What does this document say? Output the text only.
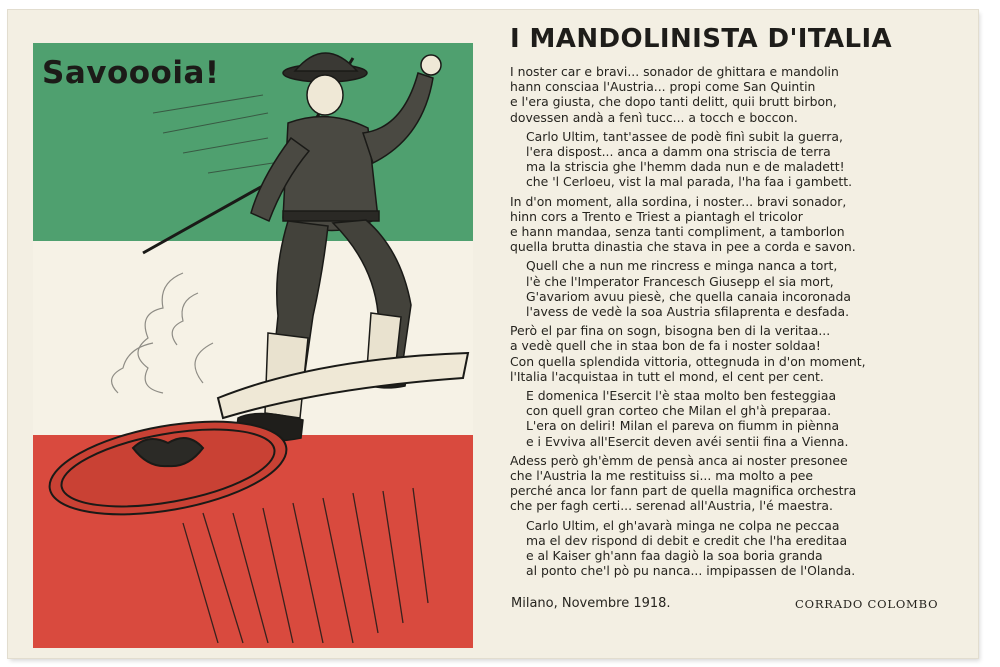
Savoooia!
I MANDOLINISTA D'ITALIA
I noster car e bravi... sonador de ghittara e mandolin
hann consciaa l'Austria... propi come San Quintin
e l'era giusta, che dopo tanti delitt, quii brutt birbon,
dovessen andà a fenì tucc... a tocch e boccon.
Carlo Ultim, tant'assee de podè finì subit la guerra,
l'era dispost... anca a damm ona striscia de terra
ma la striscia ghe l'hemm dada nun e de maladett!
che 'l Cerloeu, vist la mal parada, l'ha faa i gambett.
In d'on moment, alla sordina, i noster... bravi sonador,
hinn cors a Trento e Triest a piantagh el tricolor
e hann mandaa, senza tanti compliment, a tamborlon
quella brutta dinastia che stava in pee a corda e savon.
Quell che a nun me rincress e minga nanca a tort,
l'è che l'Imperator Francesch Giusepp el sia mort,
G'avariom avuu piesè, che quella canaia incoronada
l'avess de vedè la soa Austria sfilaprenta e desfada.
Però el par fina on sogn, bisogna ben di la veritaa...
a vedè quell che in staa bon de fa i noster soldaa!
Con quella splendida vittoria, ottegnuda in d'on moment,
l'Italia l'acquistaa in tutt el mond, el cent per cent.
E domenica l'Esercit l'è staa molto ben festeggiaa
con quell gran corteo che Milan el gh'à preparaa.
L'era on deliri! Milan el pareva on fiumm in piènna
e i Evviva all'Esercit deven avéi sentii fina a Vienna.
Adess però gh'èmm de pensà anca ai noster presonee
che l'Austria la me restituiss si... ma molto a pee
perché anca lor fann part de quella magnifica orchestra
che per fagh certi... serenad all'Austria, l'é maestra.
Carlo Ultim, el gh'avarà minga ne colpa ne peccaa
ma el dev rispond di debit e credit che l'ha ereditaa
e al Kaiser gh'ann faa dagiò la soa boria granda
al ponto che'l pò pu nanca... impipassen de l'Olanda.
Milano, Novembre 1918.	CORRADO COLOMBO
